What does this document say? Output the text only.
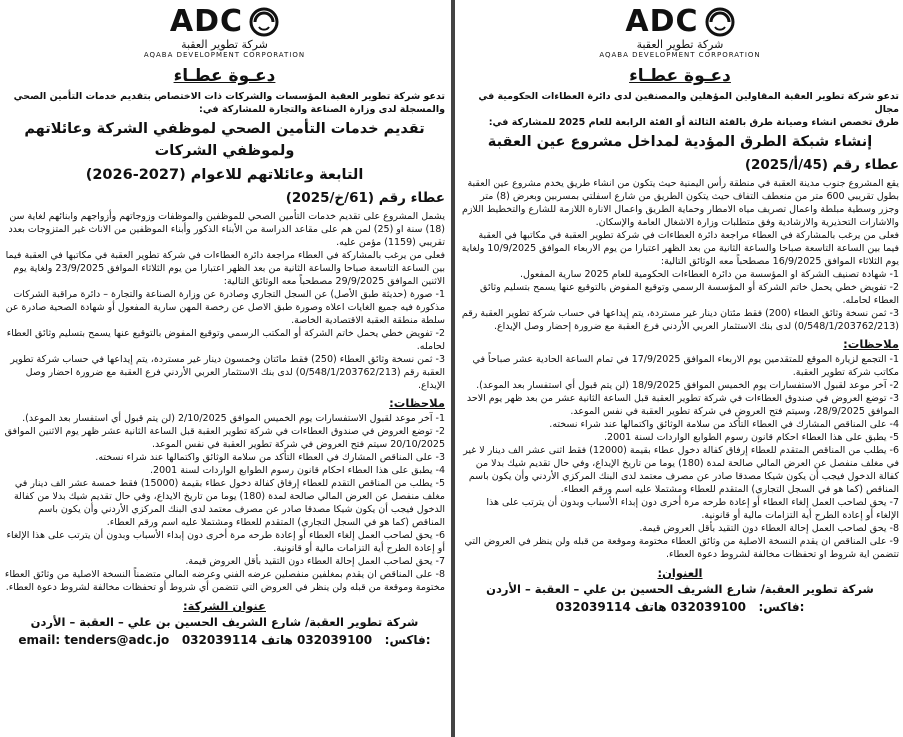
ADC
شركة تطوير العقبة
AQABA DEVELOPMENT CORPORATION
دعـوة عطـاء

تدعو شركة تطوير العقبة المؤسسات والشركات ذات الاختصاص بتقديم خدمات التأمين الصحي

والمسجلة لدى وزارة الصناعة والتجارة للمشاركة في:

تقديم خدمات التأمين الصحي لموظفي الشركة وعائلاتهم ولموظفي الشركات
التابعة وعائلاتهم للاعوام (2027-2026)
عطاء رقم (61/خ/2025)

يشمل المشروع على تقديم خدمات التأمين الصحي للموظفين والموظفات وزوجاتهم وأزواجهم وابنائهم لغاية سن (18) سنة او (25) لمن هم على مقاعد الدراسة من الأبناء الذكور وأبناء الموظفين من الاناث غير المتزوجات بعدد تقريبي (1159) مؤمن عليه.

فعلى من يرغب بالمشاركة في العطاء مراجعة دائرة العطاءات في شركة تطوير العقبة في مكاتبها في العقبة فيما بين الساعة التاسعة صباحا والساعة الثانية من بعد الظهر اعتبارا من يوم الثلاثاء الموافق 23/9/2025 ولغاية يوم الاثنين الموافق 29/9/2025 مصطحباً معه الوثائق التالية:

1- صورة (حديثة طبق الأصل) عن السجل التجاري وصادرة عن وزارة الصناعة والتجارة – دائرة مراقبة الشركات مذكورة فيه جميع الغايات اعلاه وصورة طبق الاصل عن رخصة المهن سارية المفعول أو شهادة الصحية صادرة عن سلطة منطقة العقبة الاقتصادية الخاصة.

2- تفويض خطي يحمل خاتم الشركة أو المكتب الرسمي وتوقيع المفوض بالتوقيع عنها يسمح بتسليم وثائق العطاء لحامله.

3- ثمن نسخة وثائق العطاء (250) فقط مائتان وخمسون دينار غير مستردة، يتم إيداعها في حساب شركة تطوير العقبة رقم (0/548/1/203762/213) لدى بنك الاستثمار العربي الأردني فرع العقبة مع ضرورة احضار وصل الإيداع.

ملاحظات:

1- آخر موعد لقبول الاستفسارات يوم الخميس الموافق 2/10/2025 (لن يتم قبول أي استفسار بعد الموعد).

2- توضع العروض في صندوق العطاءات في شركة تطوير العقبة قبل الساعة الثانية عشر ظهر يوم الاثنين الموافق 20/10/2025 سيتم فتح العروض في شركة تطوير العقبة في نفس الموعد.

3- على المناقص المشارك في العطاء التأكد من سلامة الوثائق واكتمالها عند شراء نسخته.

4- يطبق على هذا العطاء احكام قانون رسوم الطوابع الواردات لسنة 2001.

5- يطلب من المناقص التقدم للعطاء إرفاق كفالة دخول عطاء بقيمة (15000) فقط خمسة عشر الف دينار في مغلف منفصل عن العرض المالي صالحة لمدة (180) يوما من تاريخ الايداع، وفي حال تقديم شيك بدلا من كفالة الدخول فيجب أن يكون شيكا مصدقا صادر عن مصرف معتمد لدى البنك المركزي الأردني وأن يكون باسم المناقص (كما هو في السجل التجاري) المتقدم للعطاء ومشتملا عليه اسم ورقم العطاء.

6- يحق لصاحب العمل إلغاء العطاء أو إعادة طرحه مرة أخرى دون إبداء الأسباب وبدون أن يترتب على هذا الإلغاء أو إعادة الطرح أية التزامات مالية أو قانونية.

7- يحق لصاحب العمل إحالة العطاء دون التقيد بأقل العروض قيمة.

8- على المناقص ان يقدم بمغلفين منفصلين عرضه الفني وعرضه المالي متضمناً النسخة الاصلية من وثائق العطاء مختومة وموقعة من قبله ولن ينظر في العروض التي تتضمن أي شروط أو تحفظات مخالفة لشروط دعوة العطاء.

عنوان الشركة:
شركة تطوير العقبة/ شارع الشريف الحسين بن علي – العقبة – الأردن
email: tenders@adc.jo 032039114	فاكس:   032039100 هاتف:
ADC
شركة تطوير العقبة
AQABA DEVELOPMENT CORPORATION
دعـوة عطـاء

تدعو شركة تطوير العقبة المقاولين المؤهلين والمصنفين لدى دائرة العطاءات الحكومية في مجال

طرق تخصص انشاء وصيانة طرق بالفئة الثالثة أو الفئة الرابعة للعام 2025 للمشاركة في:

إنشاء شبكة الطرق المؤدية لمداخل مشروع عين العقبة
عطاء رقم (45/أ/2025)

يقع المشروع جنوب مدينة العقبة في منطقة رأس اليمنية حيث يتكون من انشاء طريق يخدم مشروع عين العقبة بطول تقريبي 600 متر من منعطف التفاف حيث يتكون الطريق من شارع اسفلتي بمسربين وبعرض (8) متر وجزر وسطية مبلطة واعمال تصريف مياه الامطار وحماية الطريق واعمال الانارة اللازمة للشارع والتخطيط اللازم والاشارات التحذيرية والارشادية وفق متطلبات وزارة الاشغال العامة والإسكان.

فعلى من يرغب بالمشاركة في العطاء مراجعة دائرة العطاءات في شركة تطوير العقبة في مكاتبها في العقبة فيما بين الساعة التاسعة صباحا والساعة الثانية من بعد الظهر اعتبارا من يوم الاربعاء الموافق 10/9/2025 ولغاية يوم الثلاثاء الموافق 16/9/2025 مصطحباً معه الوثائق التالية:

1- شهادة تصنيف الشركة او المؤسسة من دائرة العطاءات الحكومية للعام 2025 سارية المفعول.

2- تفويض خطي يحمل خاتم الشركة أو المؤسسة الرسمي وتوقيع المفوض بالتوقيع عنها يسمح بتسليم وثائق العطاء لحامله.

3- ثمن نسخة وثائق العطاء (200) فقط مئتان دينار غير مستردة، يتم إيداعها في حساب شركة تطوير العقبة رقم (0/548/1/203762/213) لدى بنك الاستثمار العربي الأردني فرع العقبة مع ضرورة إحضار وصل الإيداع.

ملاحظات:

1- التجمع لزيارة الموقع للمتقدمين يوم الاربعاء الموافق 17/9/2025 في تمام الساعة الحادية عشر صباحاً في مكاتب شركة تطوير العقبة.

2- آخر موعد لقبول الاستفسارات يوم الخميس الموافق 18/9/2025 (لن يتم قبول أي استفسار بعد الموعد).

3- توضع العروض في صندوق العطاءات في شركة تطوير العقبة قبل الساعة الثانية عشر من بعد ظهر يوم الاحد الموافق 28/9/2025، وسيتم فتح العروض في شركة تطوير العقبة في نفس الموعد.

4- على المناقص المشارك في العطاء التأكد من سلامة الوثائق واكتمالها عند شراء نسخته.

5- يطبق على هذا العطاء احكام قانون رسوم الطوابع الواردات لسنة 2001.

6- يطلب من المناقص المتقدم للعطاء إرفاق كفالة دخول عطاء بقيمة (12000) فقط اثنى عشر الف دينار لا غير في مغلف منفصل عن العرض المالي صالحة لمدة (180) يوما من تاريخ الإيداع، وفي حال تقديم شيك بدلا من كفالة الدخول فيجب أن يكون شيكا مصدقا صادر عن مصرف معتمد لدى البنك المركزي الأردني وأن يكون باسم المناقص (كما هو في السجل التجاري) المتقدم للعطاء ومشتملا عليه اسم ورقم العطاء.

7- يحق لصاحب العمل إلغاء العطاء أو إعادة طرحه مرة أخرى دون إبداء الأسباب وبدون أن يترتب على هذا الإلغاء أو إعادة الطرح أية التزامات مالية أو قانونية.

8- يحق لصاحب العمل إحالة العطاء دون التقيد بأقل العروض قيمة.

9- على المناقص ان يقدم النسخة الاصلية من وثائق العطاء مختومة وموقعة من قبله ولن ينظر في العروض التي تتضمن اية شروط او تحفظات مخالفة لشروط دعوة العطاء.

العنوان:
شركة تطوير العقبة/ شارع الشريف الحسين بن علي – العقبة – الأردن
032039114	فاكس:   032039100 هاتف:
